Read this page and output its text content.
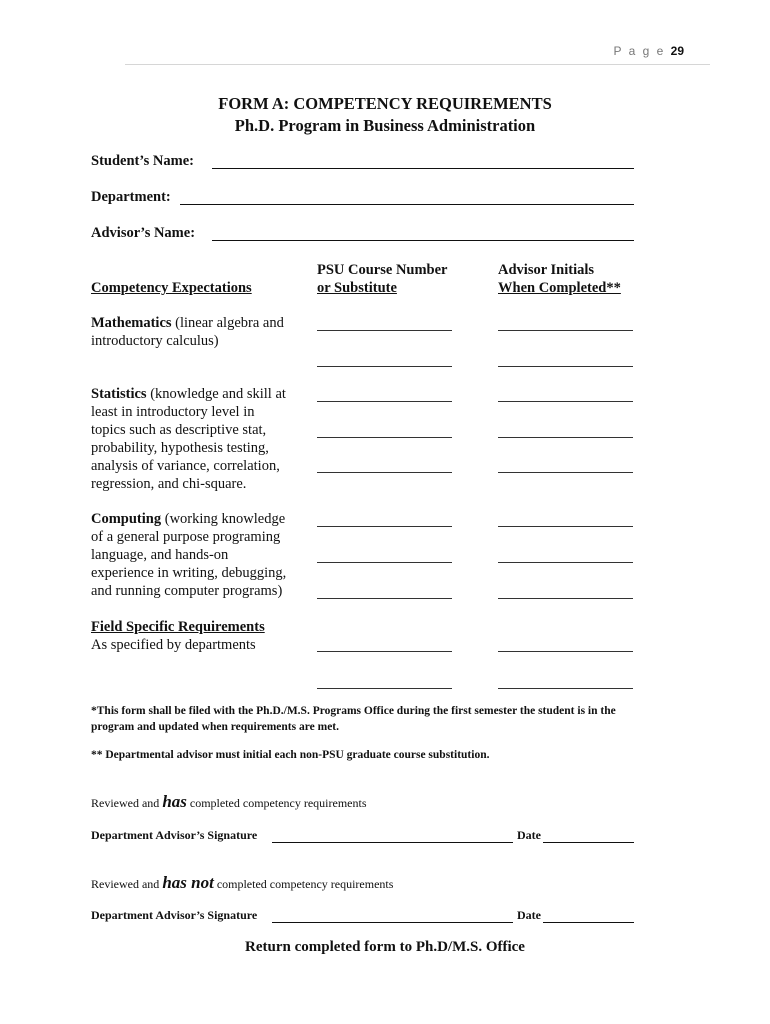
P a g e 29
FORM A: COMPETENCY REQUIREMENTS
Ph.D. Program in Business Administration
Student’s Name:
Department:
Advisor’s Name:
Competency Expectations
PSU Course Number
or Substitute
Advisor Initials
When Completed**
Mathematics (linear algebra and
introductory calculus)
Statistics (knowledge and skill at
least in introductory level in
topics such as descriptive stat,
probability, hypothesis testing,
analysis of variance, correlation,
regression, and chi-square.
Computing (working knowledge
of a general purpose programing
language, and hands-on
experience in writing, debugging,
and running computer programs)
Field Specific Requirements
As specified by departments
*This form shall be filed with the Ph.D./M.S. Programs Office during the first semester the student is in the
program and updated when requirements are met.
** Departmental advisor must initial each non-PSU graduate course substitution.
Reviewed and has completed competency requirements
Department Advisor’s Signature	Date
Reviewed and has not completed competency requirements
Department Advisor’s Signature	Date
Return completed form to Ph.D/M.S. Office
